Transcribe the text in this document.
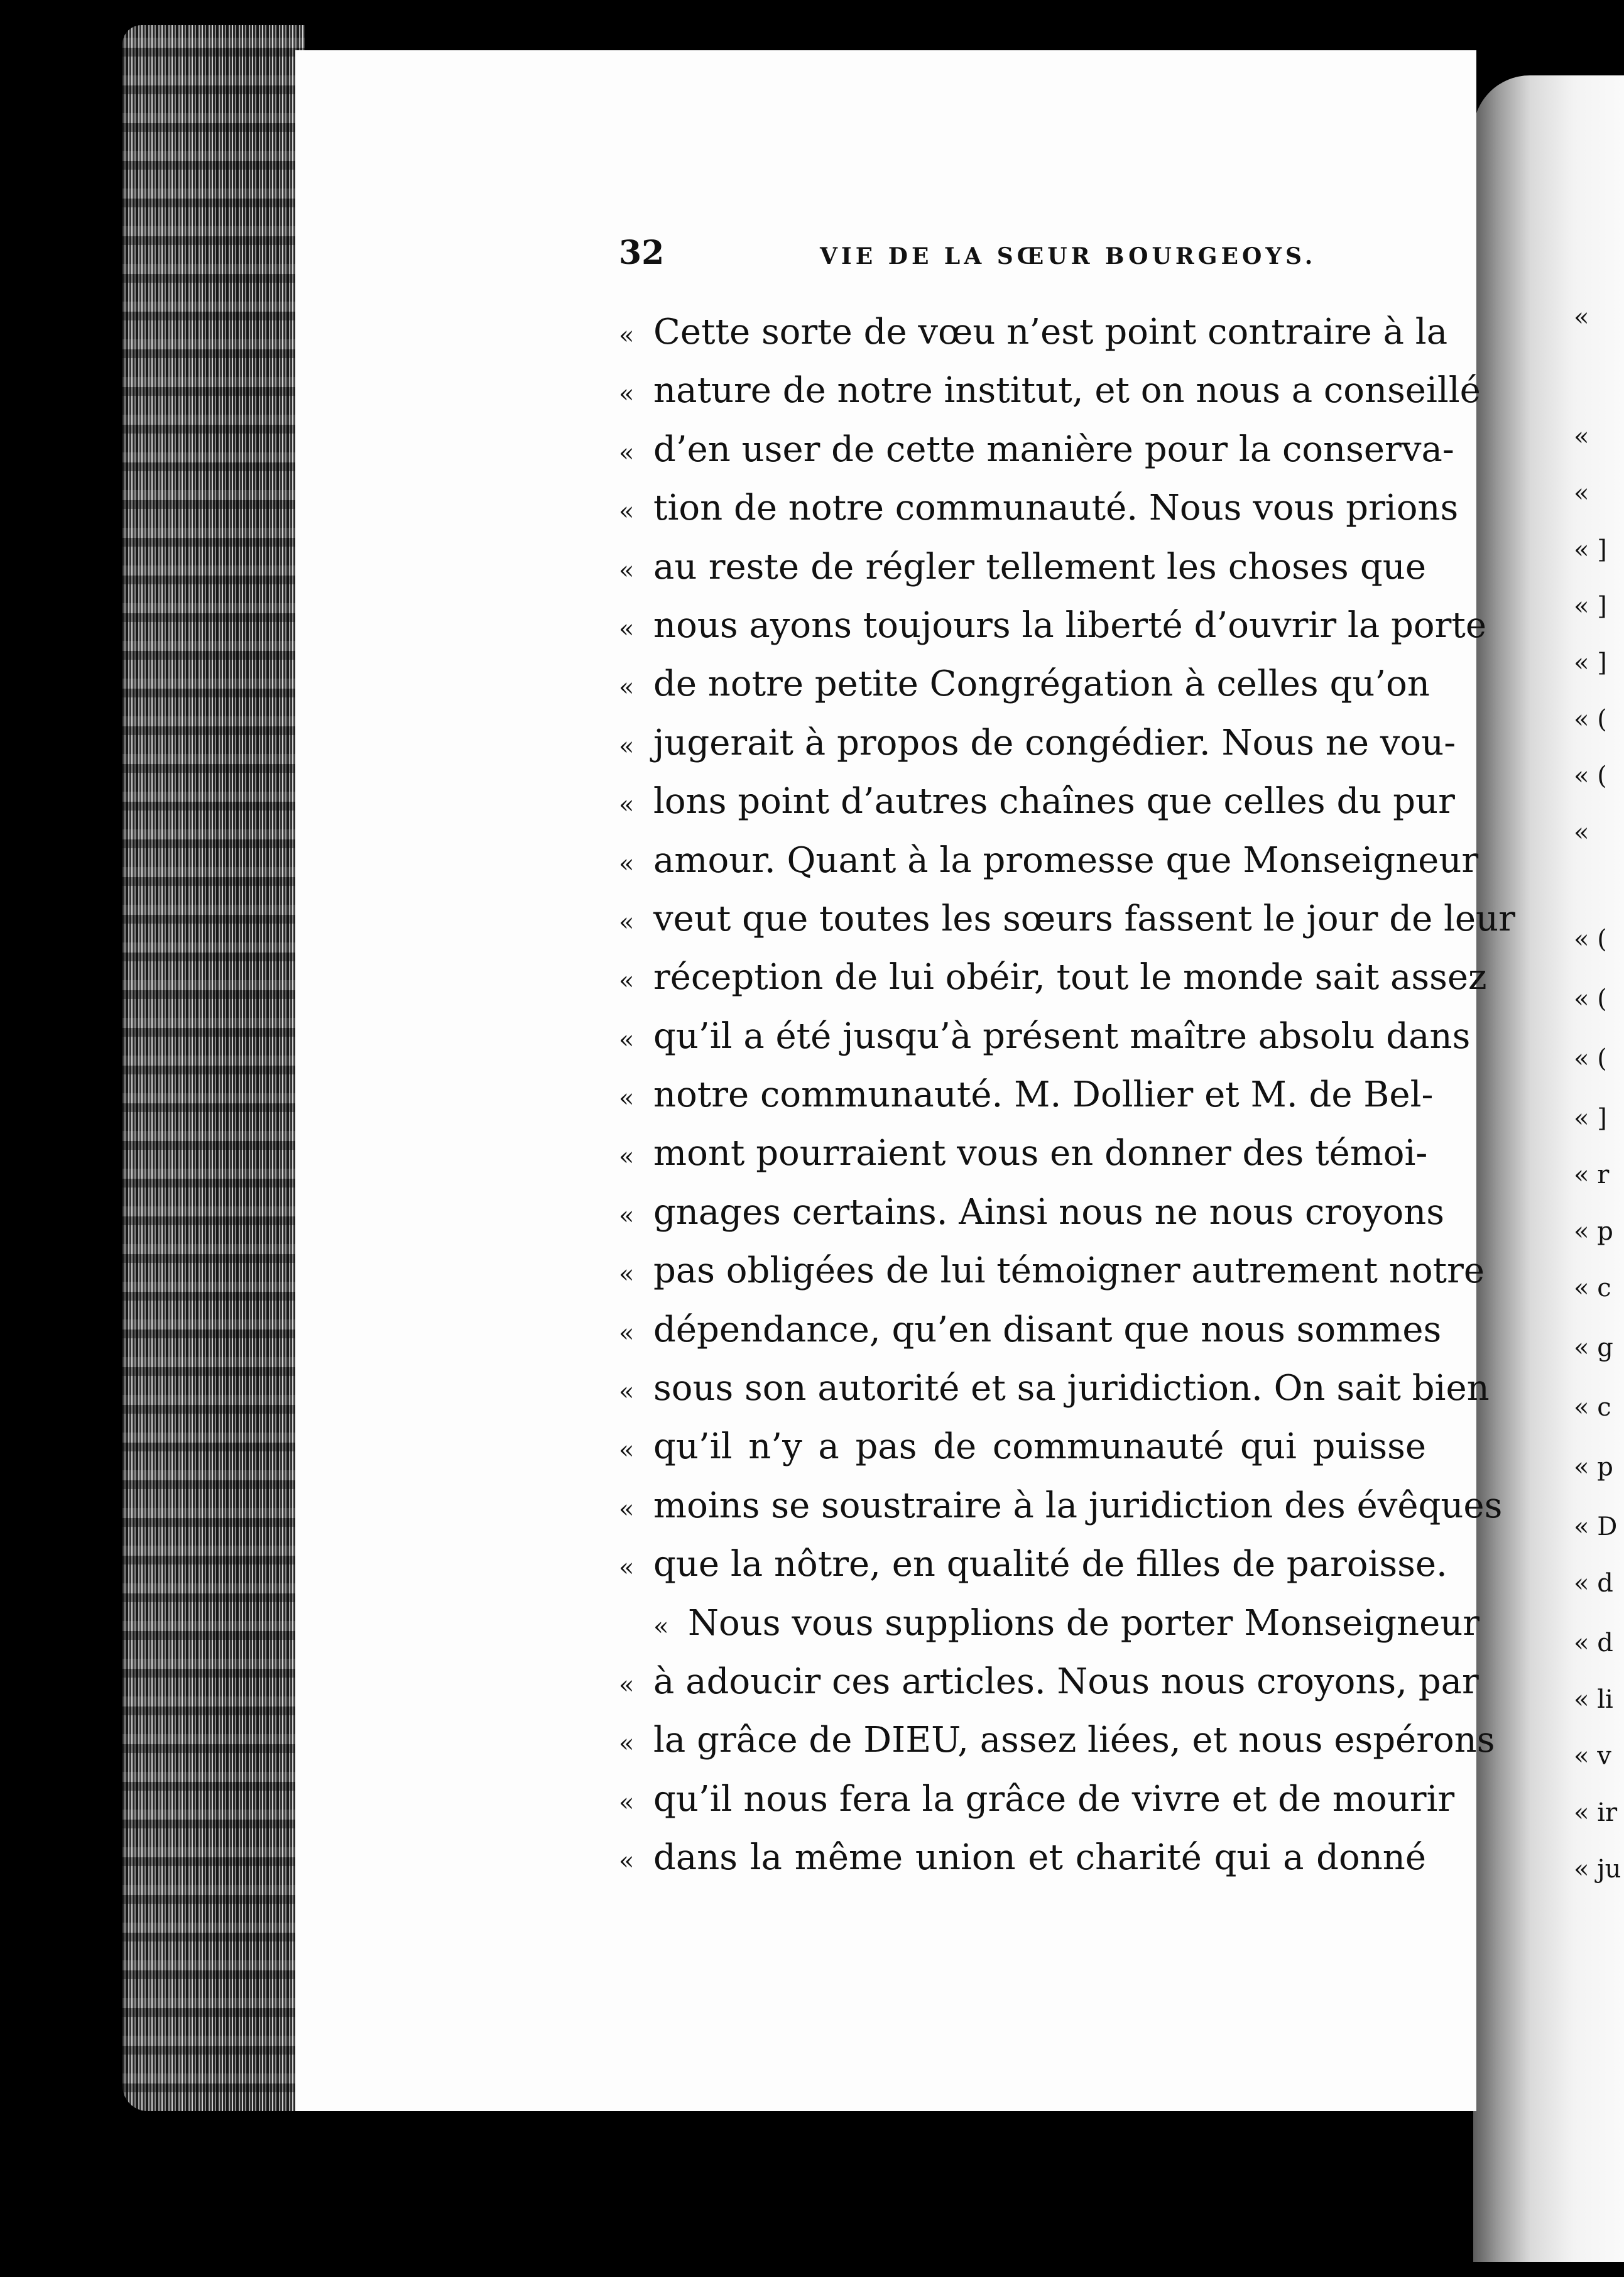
32	VIE DE LA SŒUR BOURGEOYS.
« Cette sorte de vœu n’est point contraire à la
« nature de notre institut, et on nous a conseillé
« d’en user de cette manière pour la conserva-
« tion de notre communauté. Nous vous prions
« au reste de régler tellement les choses que
« nous ayons toujours la liberté d’ouvrir la porte
« de notre petite Congrégation à celles qu’on
« jugerait à propos de congédier. Nous ne vou-
« lons point d’autres chaînes que celles du pur
« amour. Quant à la promesse que Monseigneur
« veut que toutes les sœurs fassent le jour de leur
« réception de lui obéir, tout le monde sait assez
« qu’il a été jusqu’à présent maître absolu dans
« notre communauté. M. Dollier et M. de Bel-
« mont pourraient vous en donner des témoi-
« gnages certains. Ainsi nous ne nous croyons
« pas obligées de lui témoigner autrement notre
« dépendance, qu’en disant que nous sommes
« sous son autorité et sa juridiction. On sait bien
« qu’il n’y a pas de communauté qui puisse
« moins se soustraire à la juridiction des évêques
« que la nôtre, en qualité de filles de paroisse.
« Nous vous supplions de porter Monseigneur
« à adoucir ces articles. Nous nous croyons, par
« la grâce de DIEU, assez liées, et nous espérons
« qu’il nous fera la grâce de vivre et de mourir
« dans la même union et charité qui a donné
«
«
«
« ]
« ]
« ]
« (
« (
«
« (
« (
« (
« ]
« r
« p
« c
« g
« c
« p
« D
« d
« d
« li
« v
« ir
« ju
